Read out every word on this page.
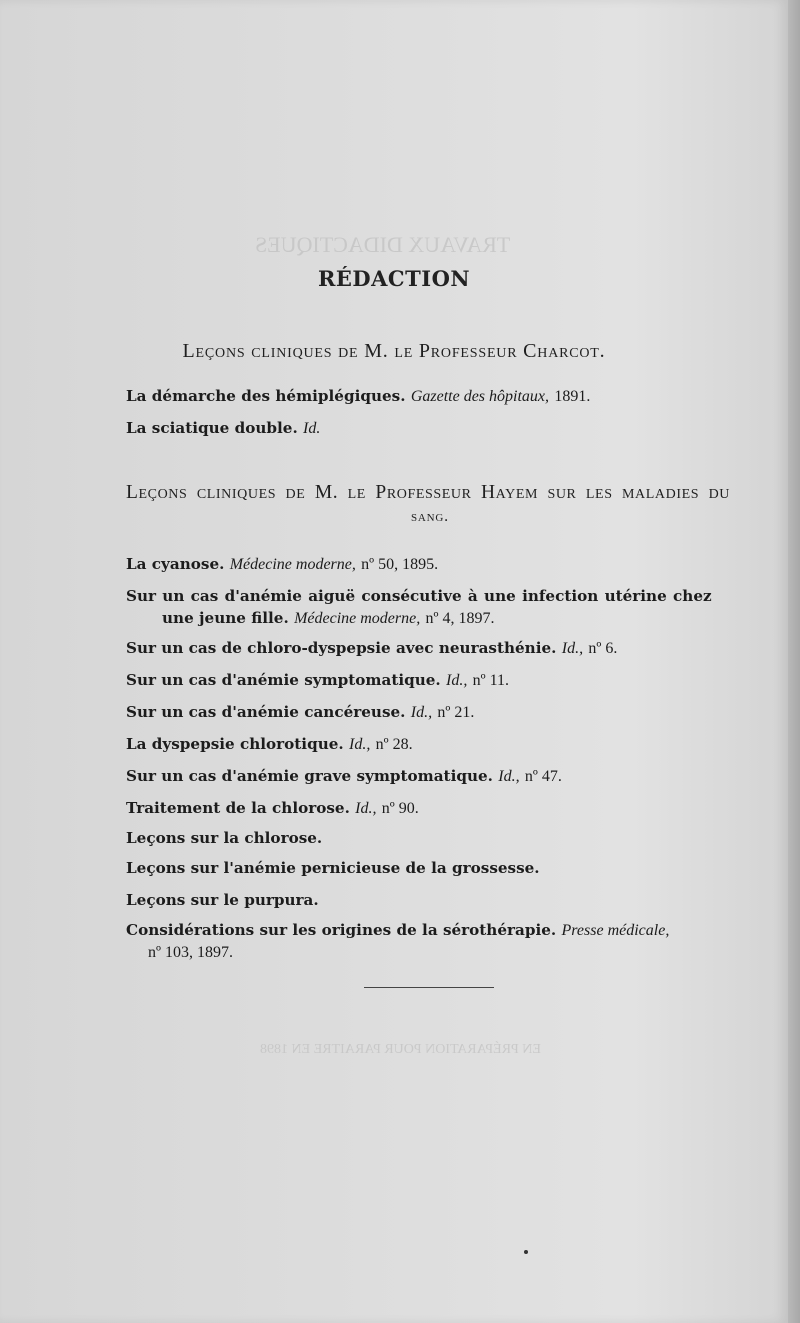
TRAVAUX DIDACTIQUES
EN PRÉPARATION POUR PARAITRE EN 1898
RÉDACTION
Leçons cliniques de M. le Professeur Charcot.
La démarche des hémiplégiques. Gazette des hôpitaux, 1891.
La sciatique double. Id.
Leçons cliniques de M. le Professeur Hayem sur les maladies du
sang.
La cyanose. Médecine moderne, nº 50, 1895.
Sur un cas d'anémie aiguë consécutive à une infection utérine chez
une jeune fille. Médecine moderne, nº 4, 1897.
Sur un cas de chloro-dyspepsie avec neurasthénie. Id., nº 6.
Sur un cas d'anémie symptomatique. Id., nº 11.
Sur un cas d'anémie cancéreuse. Id., nº 21.
La dyspepsie chlorotique. Id., nº 28.
Sur un cas d'anémie grave symptomatique. Id., nº 47.
Traitement de la chlorose. Id., nº 90.
Leçons sur la chlorose.
Leçons sur l'anémie pernicieuse de la grossesse.
Leçons sur le purpura.
Considérations sur les origines de la sérothérapie. Presse médicale,
nº 103, 1897.
